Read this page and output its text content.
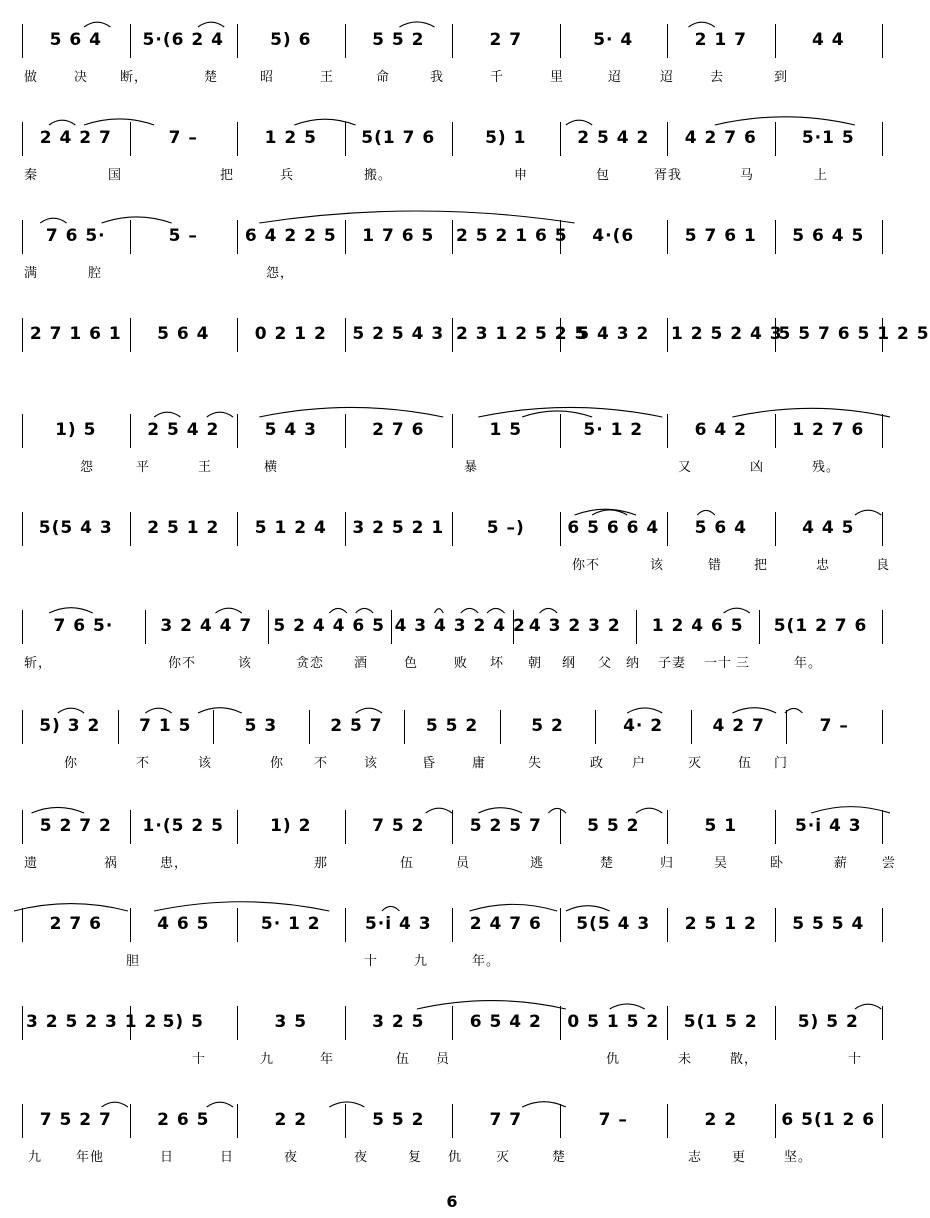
5 6 4	5·(6 2 4	5) 6	5 5 2	2 7	5· 4	2 1 7	4 4
做	决 断，	楚	昭	王	命	我	千	里	迢	迢	去	到
2 4 2 7	7 –	1 2 5	5(1 7 6	5) 1	2 5 4 2	4 2 7 6	5·1 5
秦	国	把	兵	搬。	申	包	胥我	马	上
7 6 5·	5 –	6 4 2 2 5	1 7 6 5	2 5 2 1 6 5	4·(6	5 7 6 1	5 6 4 5
满	腔	怨，
2 7 1 6 1	5 6 4	0 2 1 2	5 2 5 4 3 2 3 1 2 5 2 5
5 4 3 2	1 2 5 2 4 3
5 5 7 6 5 1 2 5
1) 5	2 5 4 2	5 4 3	2 7 6	1 5	5· 1 2	6 4 2	1 2 7 6
怨	平	王	横	暴	又	凶	残。
5(5 4 3	2 5 1 2	5 1 2 4	3 2 5 2 1	5 –)	6 5 6 6 4	5 6 4	4 4 5
你不	该	错 把	忠	良
7 6 5·	3 2 4 4 7	5 2 4 4 6 5 4 3 4 3 2 4 2 4 3 2 3 2	1 2 4 6 5	5(1 2 7 6
斩，	你不	该	贪恋 酒	色	败 坏 朝 纲 父 纳 子妻 一十 三	年。
5) 3 2	7 1 5	5 3	2 5 7	5 5 2	5 2	4· 2	4 2 7	7 –
你	不	该	你 不	该	昏	庸	失	政 户	灭	伍 门
5 2 7 2	1·(5 2 5	1) 2	7 5 2	5 2 5 7	5 5 2	5 1	5·i 4 3
遗	祸	患，	那	伍	员	逃	楚	归	吴	卧	薪	尝
2 7 6	4 6 5	5· 1 2	5·i 4 3	2 4 7 6	5(5 4 3	2 5 1 2	5 5 5 4
胆	十	九	年。
3 2 5 2 3 1 2 5) 5	3 5	3 2 5	6 5 4 2	0 5 1 5 2	5(1 5 2	5) 5 2
十	九	年	伍 员	仇	未	散，	十
7 5 2 7	2 6 5	2 2	5 5 2	7 7	7 –	2 2	6 5(1 2 6
九	年他	日	日	夜	夜	复 仇	灭	楚	志 更	坚。
6
